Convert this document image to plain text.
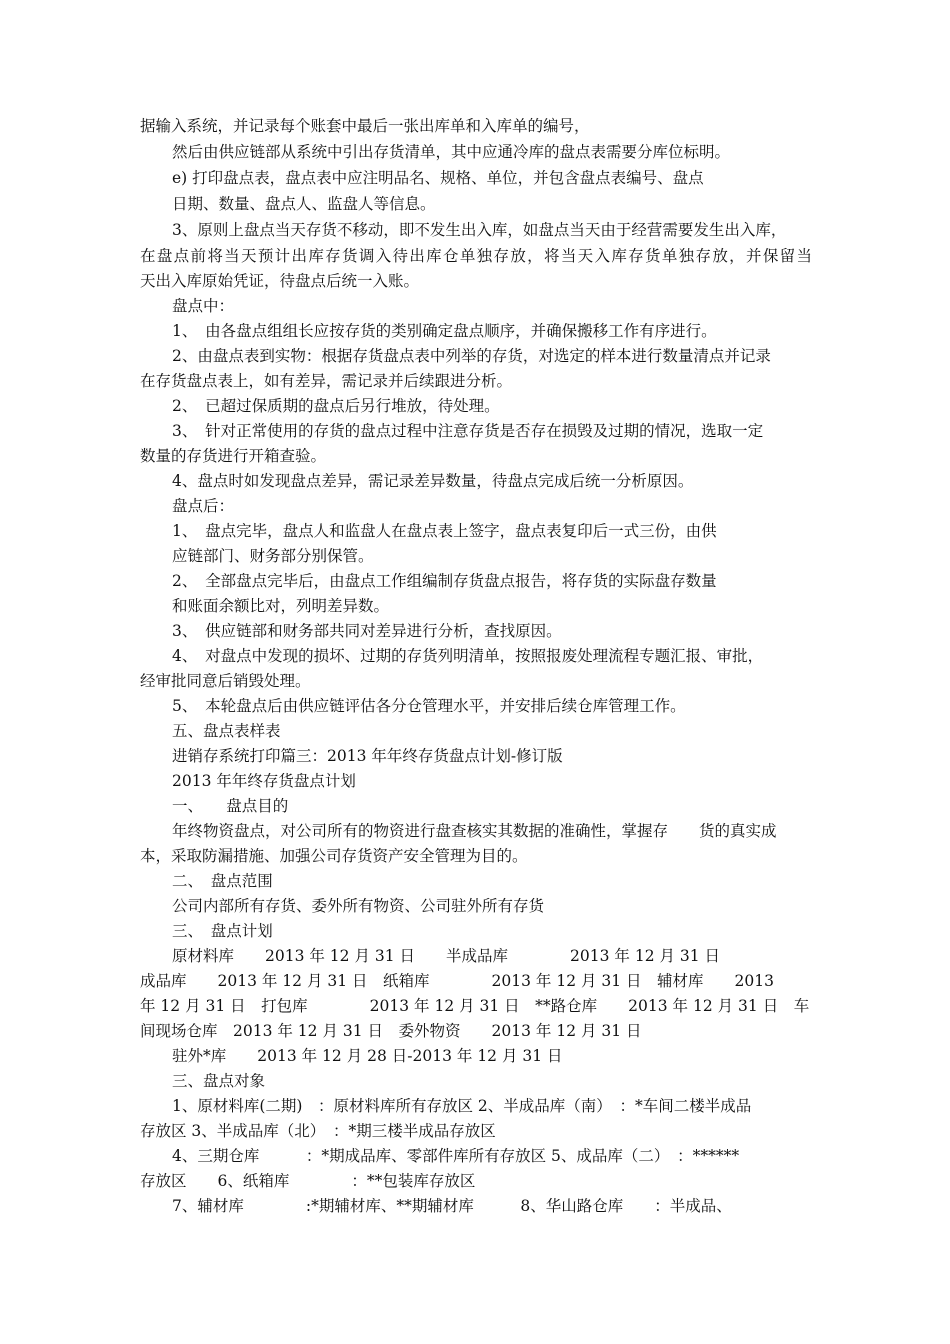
据输入系统，并记录每个账套中最后一张出库单和入库单的编号，
然后由供应链部从系统中引出存货清单，其中应通冷库的盘点表需要分库位标明。
e) 打印盘点表，盘点表中应注明品名、规格、单位，并包含盘点表编号、盘点
日期、数量、盘点人、监盘人等信息。
3、原则上盘点当天存货不移动，即不发生出入库，如盘点当天由于经营需要发生出入库，
在盘点前将当天预计出库存货调入待出库仓单独存放，将当天入库存货单独存放，并保留当
天出入库原始凭证，待盘点后统一入账。
盘点中：
1、　由各盘点组组长应按存货的类别确定盘点顺序，并确保搬移工作有序进行。
2、由盘点表到实物：根据存货盘点表中列举的存货，对选定的样本进行数量清点并记录
在存货盘点表上，如有差异，需记录并后续跟进分析。
2、　已超过保质期的盘点后另行堆放，待处理。
3、　针对正常使用的存货的盘点过程中注意存货是否存在损毁及过期的情况，选取一定
数量的存货进行开箱查验。
4、盘点时如发现盘点差异，需记录差异数量，待盘点完成后统一分析原因。
盘点后：
1、　盘点完毕，盘点人和监盘人在盘点表上签字，盘点表复印后一式三份，由供
应链部门、财务部分别保管。
2、　全部盘点完毕后，由盘点工作组编制存货盘点报告，将存货的实际盘存数量
和账面余额比对，列明差异数。
3、　供应链部和财务部共同对差异进行分析，查找原因。
4、　对盘点中发现的损坏、过期的存货列明清单，按照报废处理流程专题汇报、审批，
经审批同意后销毁处理。
5、　本轮盘点后由供应链评估各分仓管理水平，并安排后续仓库管理工作。
五、盘点表样表
进销存系统打印篇三：2013 年年终存货盘点计划-修订版
2013 年年终存货盘点计划
一、　　盘点目的
年终物资盘点，对公司所有的物资进行盘查核实其数据的准确性，掌握存　　货的真实成
本，采取防漏措施、加强公司存货资产安全管理为目的。
二、　盘点范围
公司内部所有存货、委外所有物资、公司驻外所有存货
三、　盘点计划
原材料库　　2013 年 12 月 31 日　　半成品库　　　　2013 年 12 月 31 日
成品库　　2013 年 12 月 31 日　纸箱库　　　　2013 年 12 月 31 日　辅材库　　2013
年 12 月 31 日　打包库　　　　2013 年 12 月 31 日　**路仓库　　2013 年 12 月 31 日　车
间现场仓库　2013 年 12 月 31 日　委外物资　　2013 年 12 月 31 日
驻外*库　　2013 年 12 月 28 日-2013 年 12 月 31 日
三、盘点对象
1、原材料库(二期)　：原材料库所有存放区 2、半成品库（南）　：*车间二楼半成品
存放区 3、半成品库（北）　：*期三楼半成品存放区
4、三期仓库　　　：*期成品库、零部件库所有存放区 5、成品库（二）　：******
存放区　　6、纸箱库　　　　：**包装库存放区
7、辅材库　　　　:*期辅材库、**期辅材库　　　8、华山路仓库　　：半成品、
